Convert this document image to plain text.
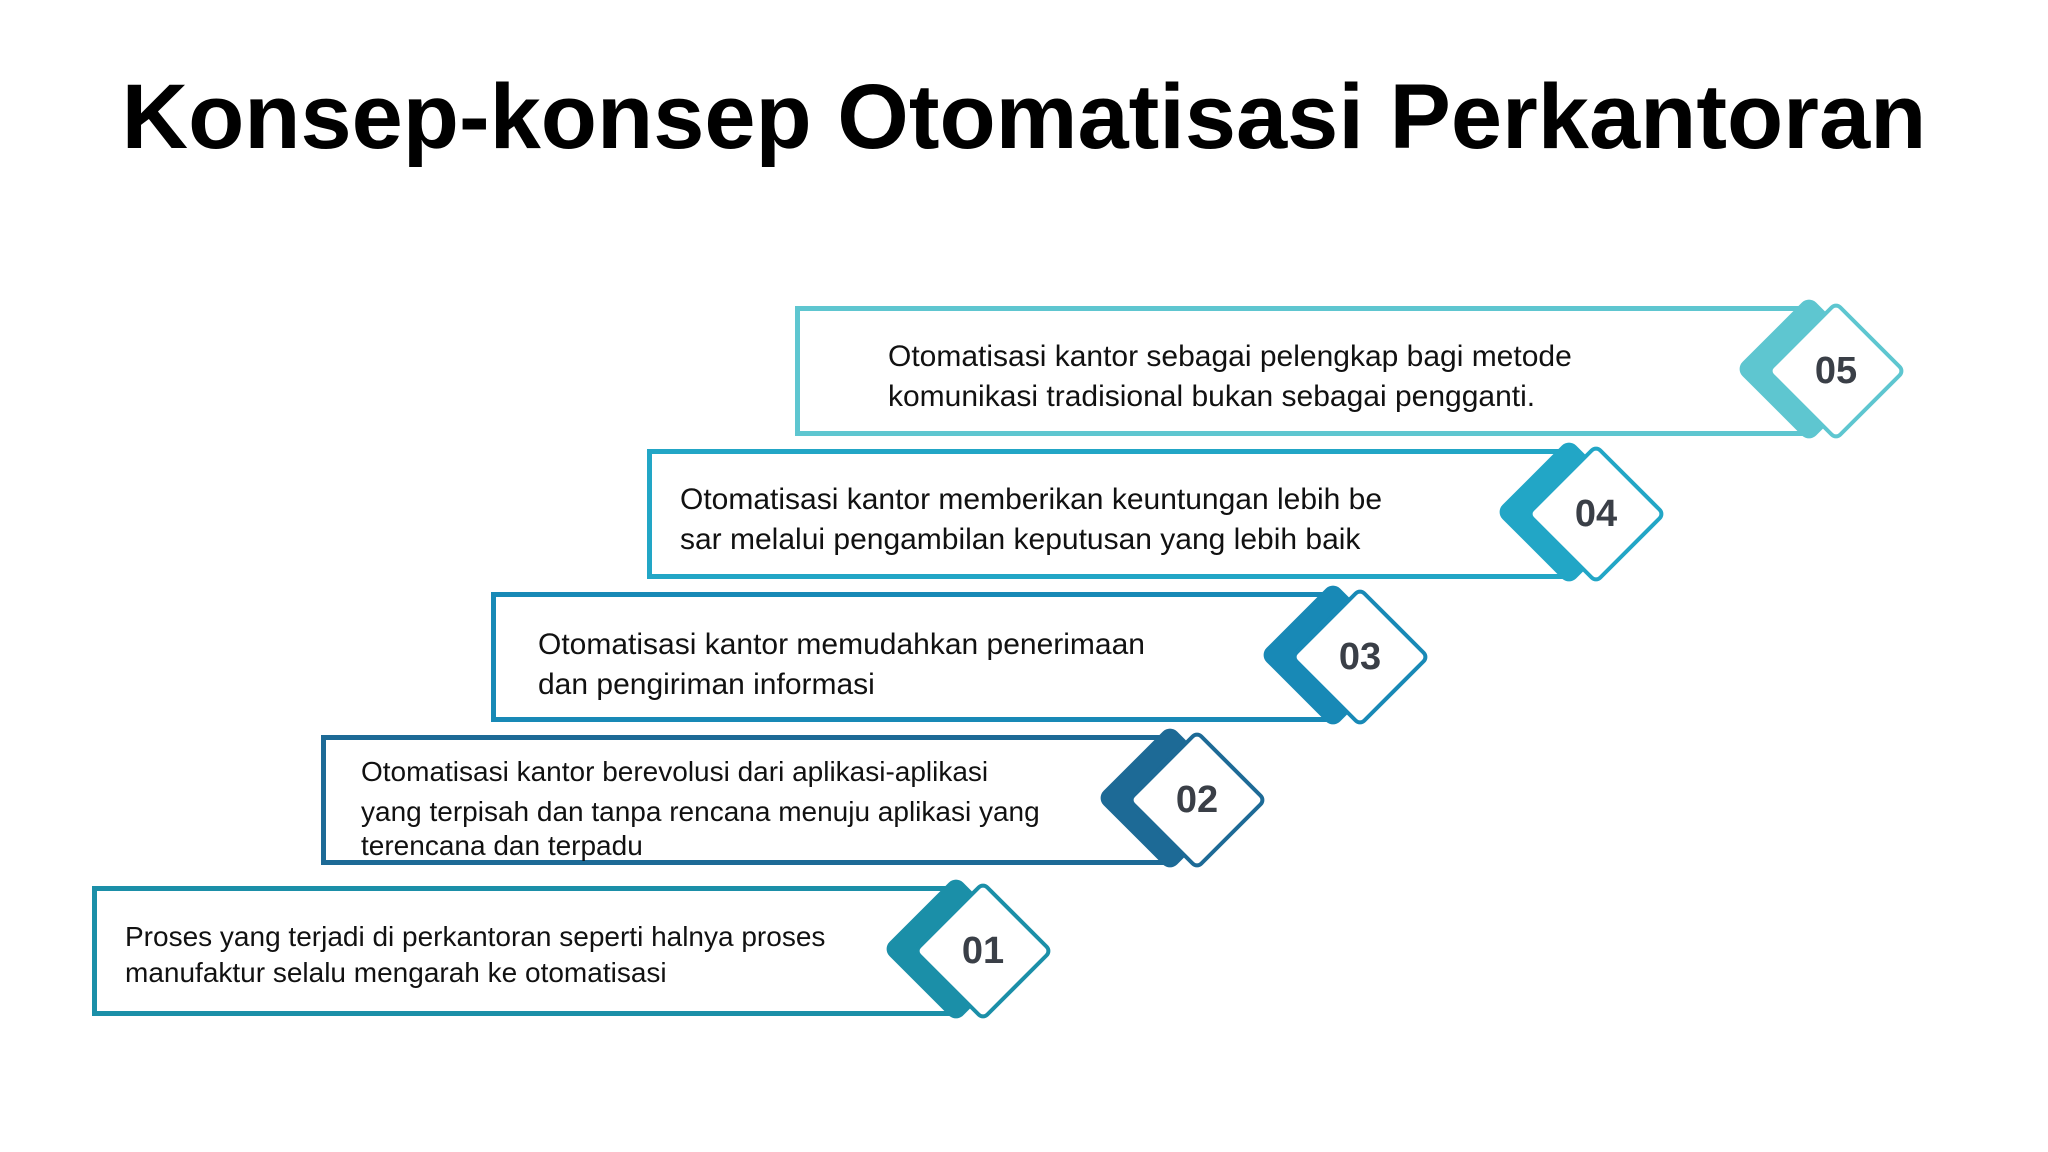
Konsep-konsep Otomatisasi Perkantoran
Otomatisasi kantor sebagai pelengkap bagi metode
komunikasi tradisional bukan sebagai pengganti.
05
Otomatisasi kantor memberikan keuntungan lebih be
sar melalui pengambilan keputusan yang lebih baik
04
Otomatisasi kantor memudahkan penerimaan
dan pengiriman informasi
03
Otomatisasi kantor berevolusi dari aplikasi-aplikasi
yang terpisah dan tanpa rencana menuju aplikasi yang
terencana dan terpadu
02
Proses yang terjadi di perkantoran seperti halnya proses
manufaktur selalu mengarah ke otomatisasi
01
